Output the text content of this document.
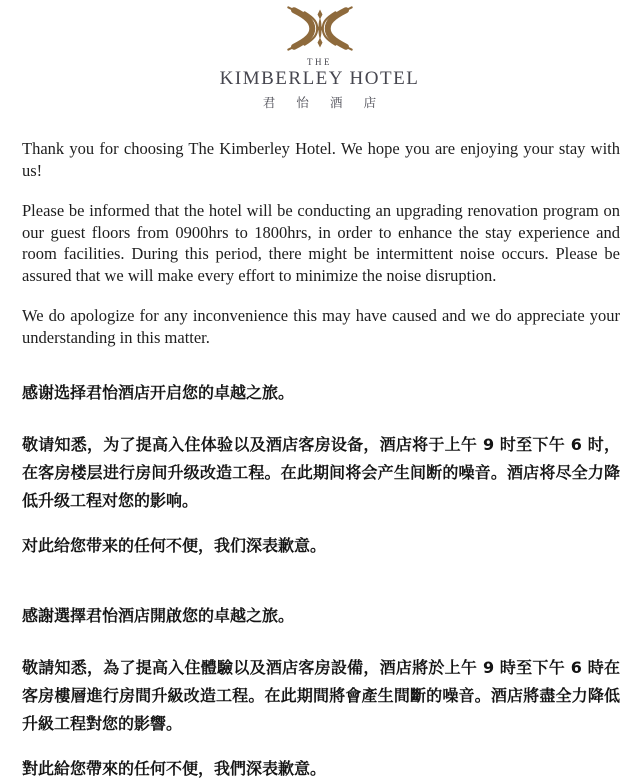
THE
KIMBERLEY HOTEL
君 怡 酒 店

Thank you for choosing The Kimberley Hotel. We hope you are enjoying your stay with us!

Please be informed that the hotel will be conducting an upgrading renovation program on our guest floors from 0900hrs to 1800hrs, in order to enhance the stay experience and room facilities. During this period, there might be intermittent noise occurs. Please be assured that we will make every effort to minimize the noise disruption.

We do apologize for any inconvenience this may have caused and we do appreciate your understanding in this matter.

感谢选择君怡酒店开启您的卓越之旅。

敬请知悉，为了提高入住体验以及酒店客房设备，酒店将于上午 9 时至下午 6 时，在客房楼层进行房间升级改造工程。在此期间将会产生间断的噪音。酒店将尽全力降低升级工程对您的影响。

对此给您带来的任何不便，我们深表歉意。

感謝選擇君怡酒店開啟您的卓越之旅。

敬請知悉，為了提高入住體驗以及酒店客房設備，酒店將於上午 9 時至下午 6 時在客房樓層進行房間升級改造工程。在此期間將會產生間斷的噪音。酒店將盡全力降低升級工程對您的影響。

對此給您帶來的任何不便，我們深表歉意。
